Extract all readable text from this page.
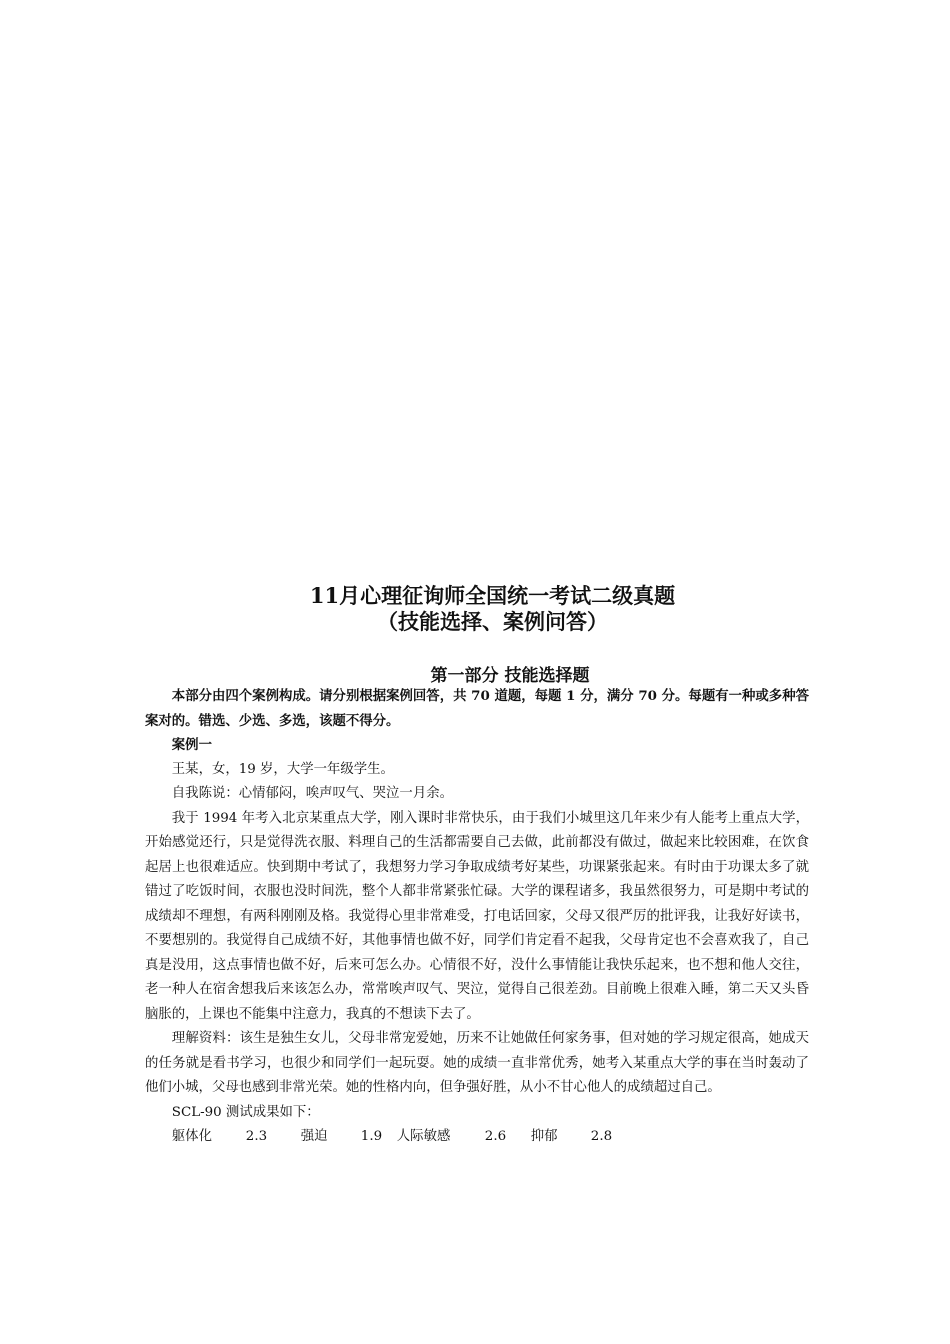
11月心理征询师全国统一考试二级真题
（技能选择、案例问答）
第一部分 技能选择题

本部分由四个案例构成。请分别根据案例回答，共 70 道题，每题 1 分，满分 70 分。每题有一种或多种答案对的。错选、少选、多选，该题不得分。

案例一

王某，女，19 岁，大学一年级学生。

自我陈说：心情郁闷，唉声叹气、哭泣一月余。

我于 1994 年考入北京某重点大学，刚入课时非常快乐，由于我们小城里这几年来少有人能考上重点大学，开始感觉还行，只是觉得洗衣服、料理自己的生活都需要自己去做，此前都没有做过，做起来比较困难，在饮食起居上也很难适应。快到期中考试了，我想努力学习争取成绩考好某些，功课紧张起来。有时由于功课太多了就错过了吃饭时间，衣服也没时间洗，整个人都非常紧张忙碌。大学的课程诸多，我虽然很努力，可是期中考试的成绩却不理想，有两科刚刚及格。我觉得心里非常难受，打电话回家，父母又很严厉的批评我，让我好好读书，不要想别的。我觉得自己成绩不好，其他事情也做不好，同学们肯定看不起我，父母肯定也不会喜欢我了，自己真是没用，这点事情也做不好，后来可怎么办。心情很不好，没什么事情能让我快乐起来，也不想和他人交往，老一种人在宿舍想我后来该怎么办，常常唉声叹气、哭泣，觉得自己很差劲。目前晚上很难入睡，第二天又头昏脑胀的，上课也不能集中注意力，我真的不想读下去了。

理解资料：该生是独生女儿，父母非常宠爱她，历来不让她做任何家务事，但对她的学习规定很高，她成天的任务就是看书学习，也很少和同学们一起玩耍。她的成绩一直非常优秀，她考入某重点大学的事在当时轰动了他们小城，父母也感到非常光荣。她的性格内向，但争强好胜，从小不甘心他人的成绩超过自己。

SCL-90 测试成果如下：

躯体化	2.3	强迫	1.9	人际敏感	2.6	抑郁	2.8
